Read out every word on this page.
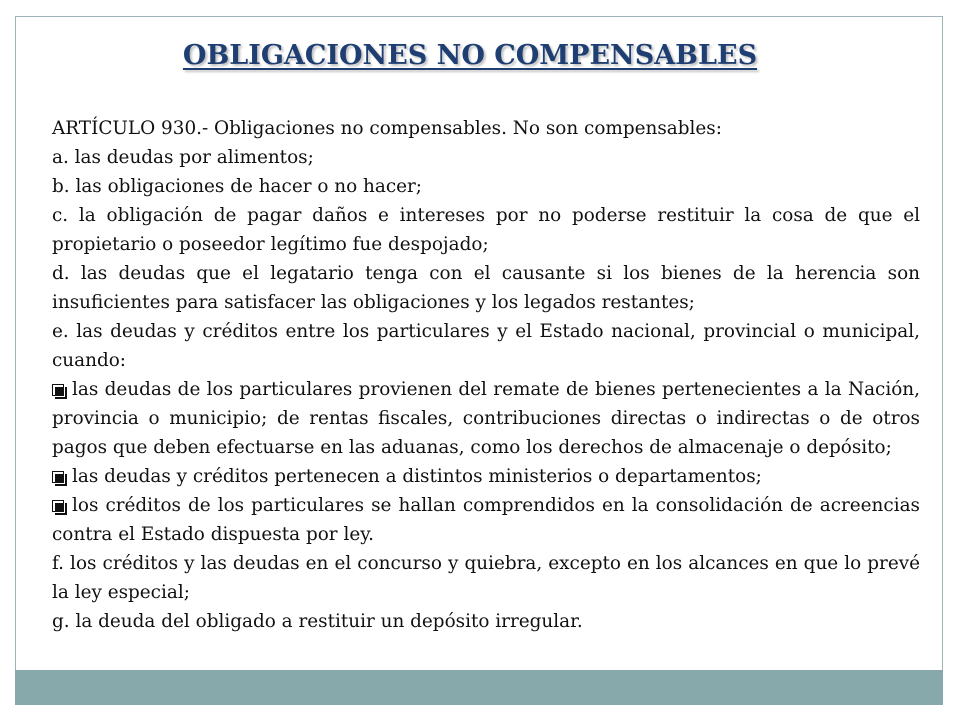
OBLIGACIONES NO COMPENSABLES

ARTÍCULO 930.- Obligaciones no compensables. No son compensables:

a. las deudas por alimentos;

b. las obligaciones de hacer o no hacer;

c. la obligación de pagar daños e intereses por no poderse restituir la cosa de que el propietario o poseedor legítimo fue despojado;

d. las deudas que el legatario tenga con el causante si los bienes de la herencia son insuficientes para satisfacer las obligaciones y los legados restantes;

e. las deudas y créditos entre los particulares y el Estado nacional, provincial o municipal, cuando:

las deudas de los particulares provienen del remate de bienes pertenecientes a la Nación, provincia o municipio; de rentas fiscales, contribuciones directas o indirectas o de otros pagos que deben efectuarse en las aduanas, como los derechos de almacenaje o depósito;

las deudas y créditos pertenecen a distintos ministerios o departamentos;

los créditos de los particulares se hallan comprendidos en la consolidación de acreencias contra el Estado dispuesta por ley.

f. los créditos y las deudas en el concurso y quiebra, excepto en los alcances en que lo prevé la ley especial;

g. la deuda del obligado a restituir un depósito irregular.
